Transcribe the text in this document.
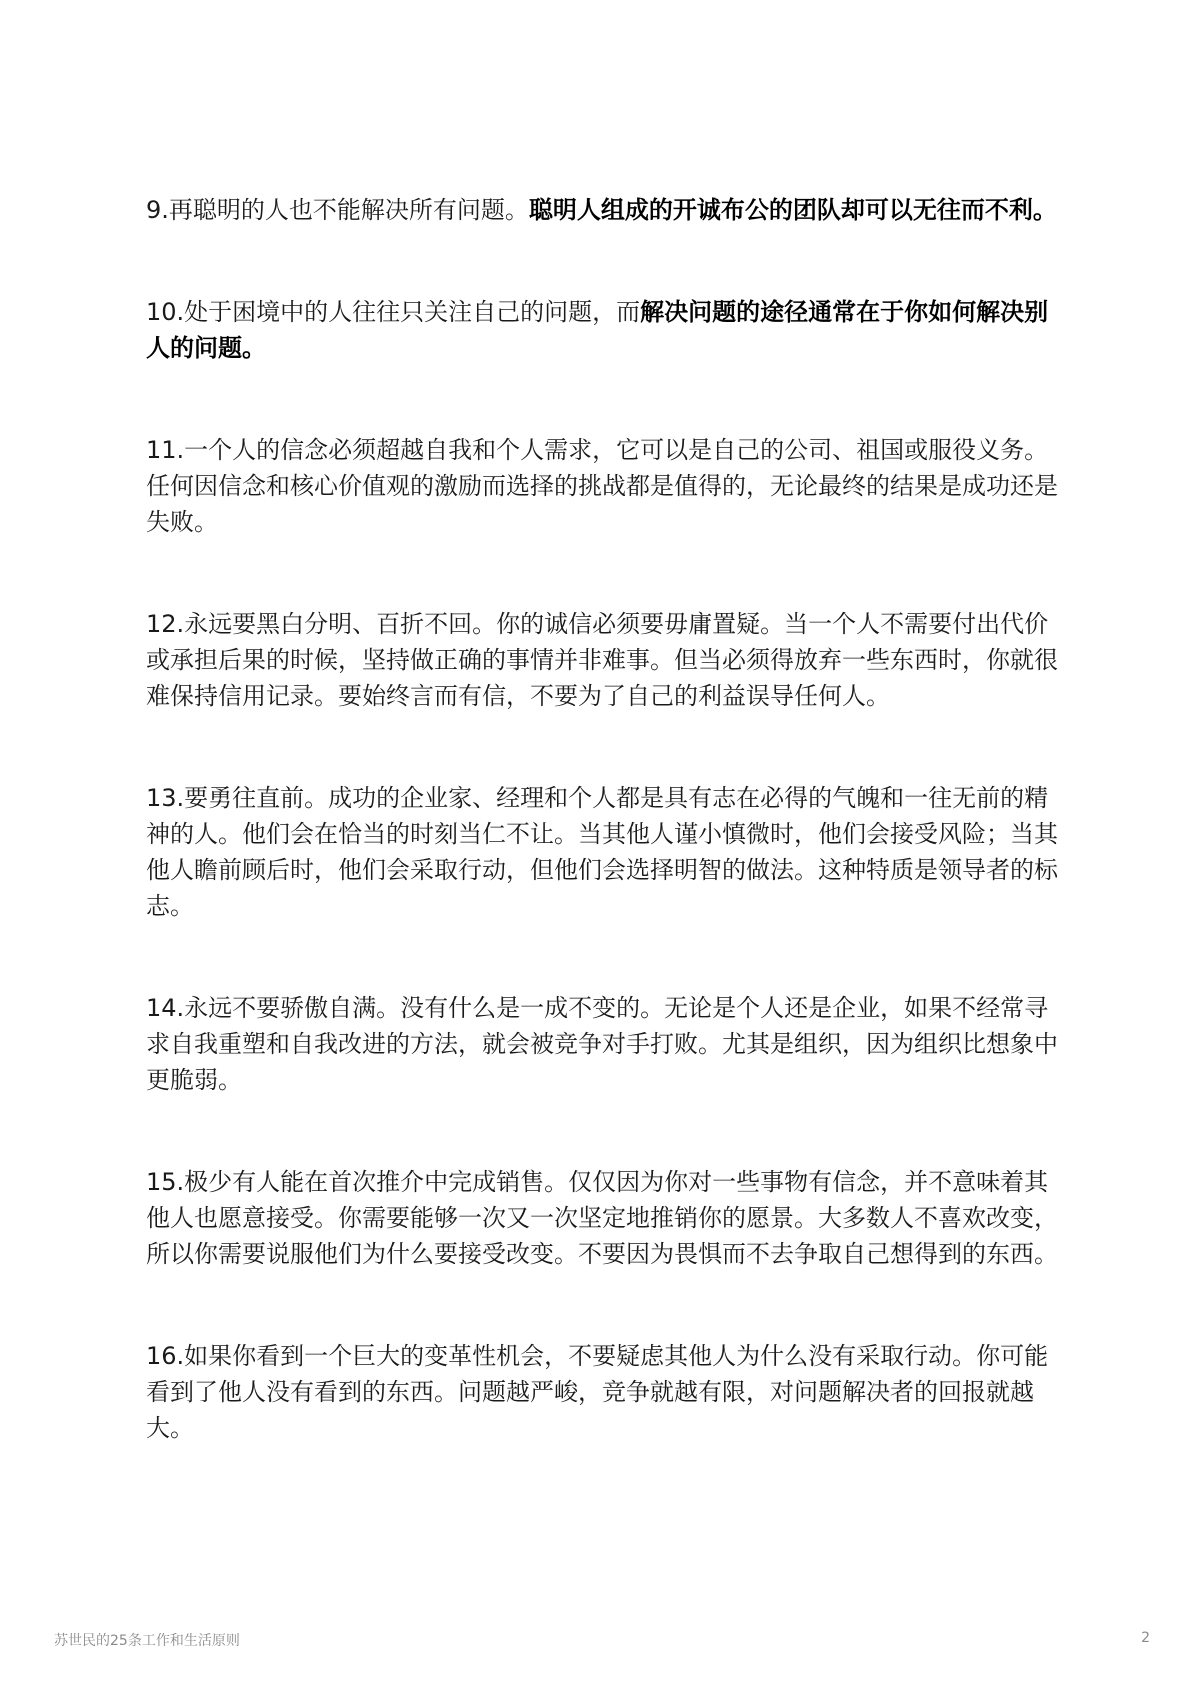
9.再聪明的人也不能解决所有问题。聪明人组成的开诚布公的团队却可以无往而不利。

10.处于困境中的人往往只关注自己的问题，而解决问题的途径通常在于你如何解决别人的问题。

11.一个人的信念必须超越自我和个人需求，它可以是自己的公司、祖国或服役义务。任何因信念和核心价值观的激励而选择的挑战都是值得的，无论最终的结果是成功还是失败。

12.永远要黑白分明、百折不回。你的诚信必须要毋庸置疑。当一个人不需要付出代价或承担后果的时候，坚持做正确的事情并非难事。但当必须得放弃一些东西时，你就很难保持信用记录。要始终言而有信，不要为了自己的利益误导任何人。

13.要勇往直前。成功的企业家、经理和个人都是具有志在必得的气魄和一往无前的精神的人。他们会在恰当的时刻当仁不让。当其他人谨小慎微时，他们会接受风险；当其他人瞻前顾后时，他们会采取行动，但他们会选择明智的做法。这种特质是领导者的标志。

14.永远不要骄傲自满。没有什么是一成不变的。无论是个人还是企业，如果不经常寻求自我重塑和自我改进的方法，就会被竞争对手打败。尤其是组织，因为组织比想象中更脆弱。

15.极少有人能在首次推介中完成销售。仅仅因为你对一些事物有信念，并不意味着其他人也愿意接受。你需要能够一次又一次坚定地推销你的愿景。大多数人不喜欢改变，所以你需要说服他们为什么要接受改变。不要因为畏惧而不去争取自己想得到的东西。

16.如果你看到一个巨大的变革性机会，不要疑虑其他人为什么没有采取行动。你可能看到了他人没有看到的东西。问题越严峻，竞争就越有限，对问题解决者的回报就越大。

苏世民的25条工作和生活原则	2
